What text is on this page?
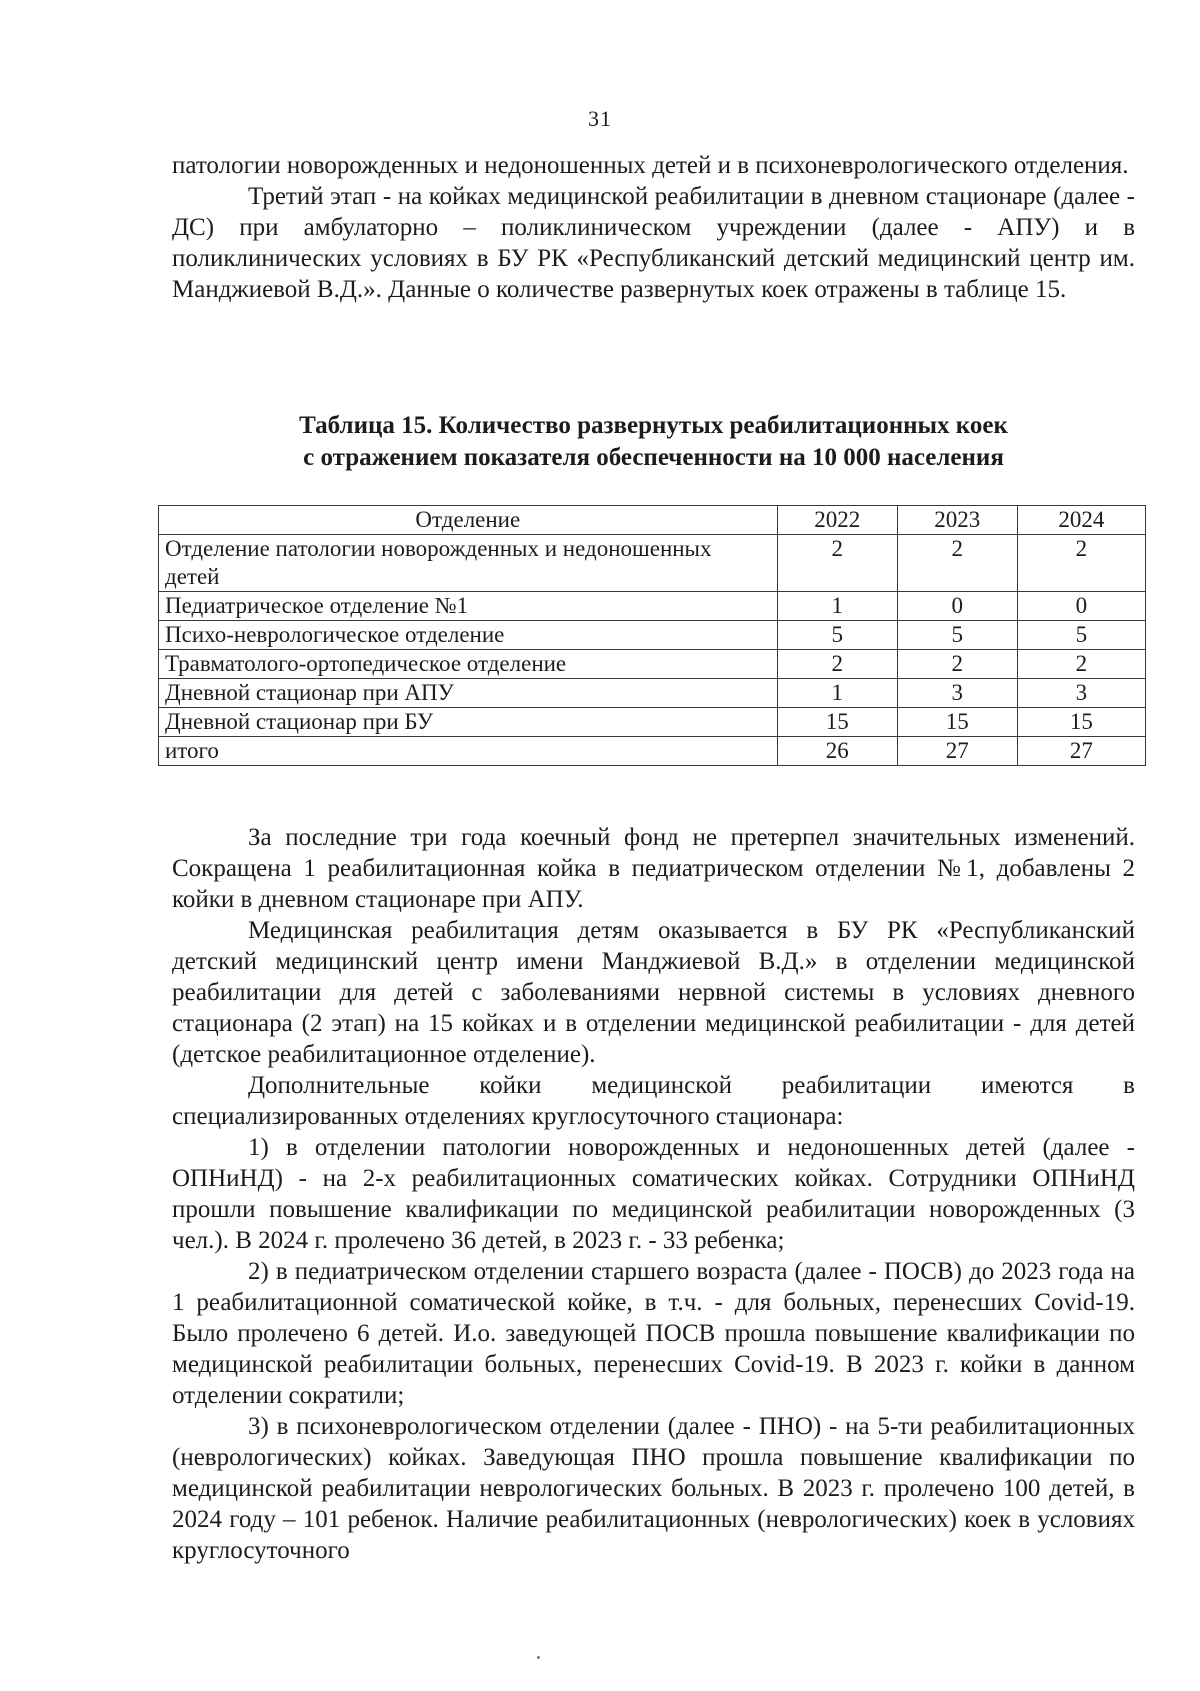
31

патологии новорожденных и недоношенных детей и в психоневрологического отделения.

Третий этап - на койках медицинской реабилитации в дневном стационаре (далее - ДС) при амбулаторно – поликлиническом учреждении (далее - АПУ) и в поликлинических условиях в БУ РК «Республиканский детский медицинский центр им. Манджиевой В.Д.». Данные о количестве развернутых коек отражены в таблице 15.

Таблица 15. Количество развернутых реабилитационных коек
с отражением показателя обеспеченности на 10 000 населения
Отделение	2022	2023	2024
Отделение патологии новорожденных и недоношенных детей	2	2	2
Педиатрическое отделение №1	1	0	0
Психо-неврологическое отделение	5	5	5
Травматолого-ортопедическое отделение	2	2	2
Дневной стационар при АПУ	1	3	3
Дневной стационар при БУ	15	15	15
итого	26	27	27

За последние три года коечный фонд не претерпел значительных изменений. Сокращена 1 реабилитационная койка в педиатрическом отделении №1, добавлены 2 койки в дневном стационаре при АПУ.

Медицинская реабилитация детям оказывается в БУ РК «Республиканский детский медицинский центр имени Манджиевой В.Д.» в отделении медицинской реабилитации для детей с заболеваниями нервной системы в условиях дневного стационара (2 этап) на 15 койках и в отделении медицинской реабилитации - для детей (детское реабилитационное отделение).

Дополнительные койки медицинской реабилитации имеются в специализированных отделениях круглосуточного стационара:

1) в отделении патологии новорожденных и недоношенных детей (далее - ОПНиНД) - на 2-х реабилитационных соматических койках. Сотрудники ОПНиНД прошли повышение квалификации по медицинской реабилитации новорожденных (3 чел.). В 2024 г. пролечено 36 детей, в 2023 г. - 33 ребенка;

2) в педиатрическом отделении старшего возраста (далее - ПОСВ) до 2023 года на 1 реабилитационной соматической койке, в т.ч. - для больных, перенесших Covid-19. Было пролечено 6 детей. И.о. заведующей ПОСВ прошла повышение квалификации по медицинской реабилитации больных, перенесших Covid-19. В 2023 г. койки в данном отделении сократили;

3) в психоневрологическом отделении (далее - ПНО) - на 5-ти реабилитационных (неврологических) койках. Заведующая ПНО прошла повышение квалификации по медицинской реабилитации неврологических больных. В 2023 г. пролечено 100 детей, в 2024 году – 101 ребенок. Наличие реабилитационных (неврологических) коек в условиях круглосуточного
